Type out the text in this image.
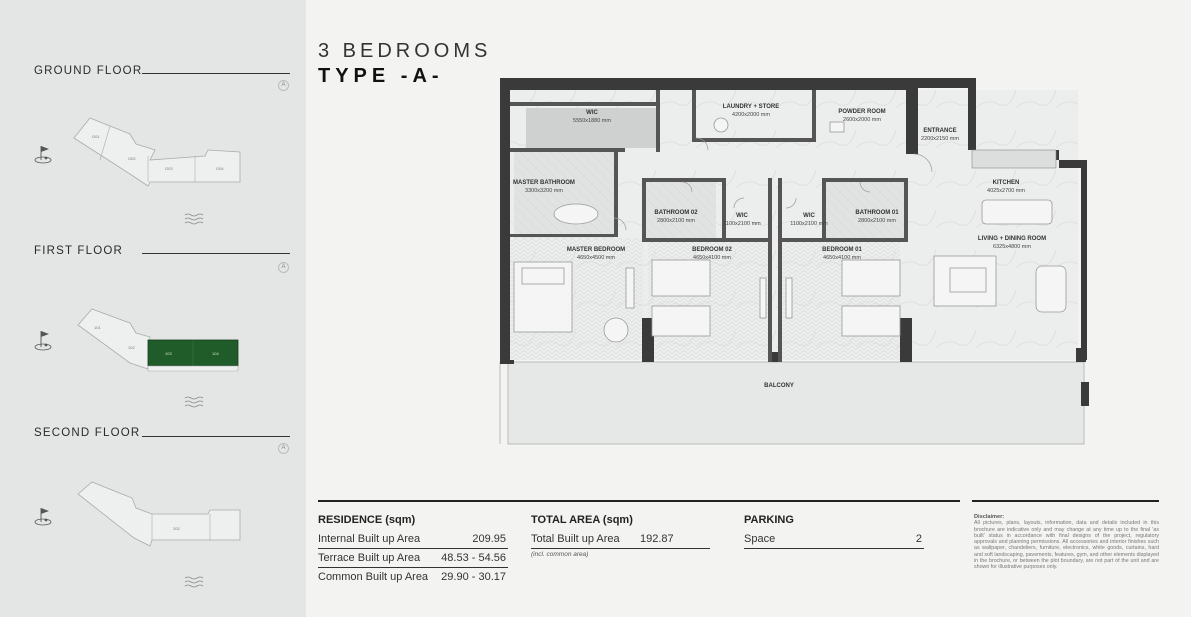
GROUND FLOOR
A
G01
G02
G03	G04
FIRST FLOOR
A
101
102
103	104
SECOND FLOOR
A
202
3 BEDROOMS
TYPE -A-
WIC
LAUNDRY + STORE
POWDER ROOM
ENTRANCE
MASTER BATHROOM	KITCHEN
BATHROOM 02	WIC	WIC	BATHROOM 01
LIVING + DINING ROOM
MASTER BEDROOM	BEDROOM 02	BEDROOM 01
BALCONY
5550x1880 mm
4200x2000 mm
2600x2000 mm
2200x2150 mm
3300x3200 mm	4025x2700 mm
2800x2100 mm	1100x2100 mm	1100x2100 mm	2800x2100 mm
6325x4800 mm
4650x4500 mm	4650x4100 mm	4650x4100 mm
RESIDENCE (sqm)
Internal Built up Area	209.95
Terrace Built up Area 48.53 - 54.56
Common Built up Area 29.90 - 30.17
TOTAL AREA (sqm)
Total Built up Area 192.87
(incl. common area)
PARKING
Space	2
Disclaimer:
All pictures, plans, layouts, information, data and details included in this brochure are indicative only and may change at any time up to the final 'as built' status in accordance with final designs of the project, regulatory approvals and planning permissions. All accessories and interior finishes such as wallpaper, chandeliers, furniture, electronics, white goods, curtains, hard and soft landscaping, pavements, features, gym, and other elements displayed in the brochure, or between the plot boundary, are not part of the unit and are shown for illustrative purposes only.
